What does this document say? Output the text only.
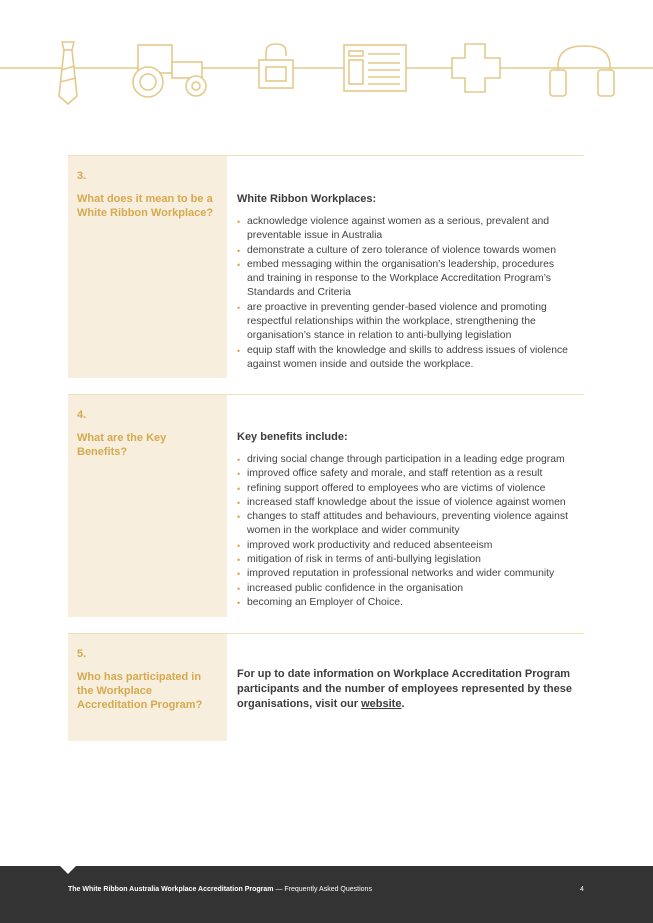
3.
What does it mean to be a White Ribbon Workplace?
White Ribbon Workplaces:
• acknowledge violence against women as a serious, prevalent and preventable issue in Australia
• demonstrate a culture of zero tolerance of violence towards women
• embed messaging within the organisation’s leadership, procedures and training in response to the Workplace Accreditation Program’s Standards and Criteria
• are proactive in preventing gender-based violence and promoting respectful relationships within the workplace, strengthening the organisation’s stance in relation to anti-bullying legislation
• equip staff with the knowledge and skills to address issues of violence against women inside and outside the workplace.
4.
What are the Key Benefits?
Key benefits include:
• driving social change through participation in a leading edge program
• improved office safety and morale, and staff retention as a result
• refining support offered to employees who are victims of violence
• increased staff knowledge about the issue of violence against women
• changes to staff attitudes and behaviours, preventing violence against women in the workplace and wider community
• improved work productivity and reduced absenteeism
• mitigation of risk in terms of anti-bullying legislation
• improved reputation in professional networks and wider community
• increased public confidence in the organisation
• becoming an Employer of Choice.
5.
Who has participated in the Workplace Accreditation Program?

For up to date information on Workplace Accreditation Program participants and the number of employees represented by these organisations, visit our website.

The White Ribbon Australia Workplace Accreditation Program — Frequently Asked Questions	4
